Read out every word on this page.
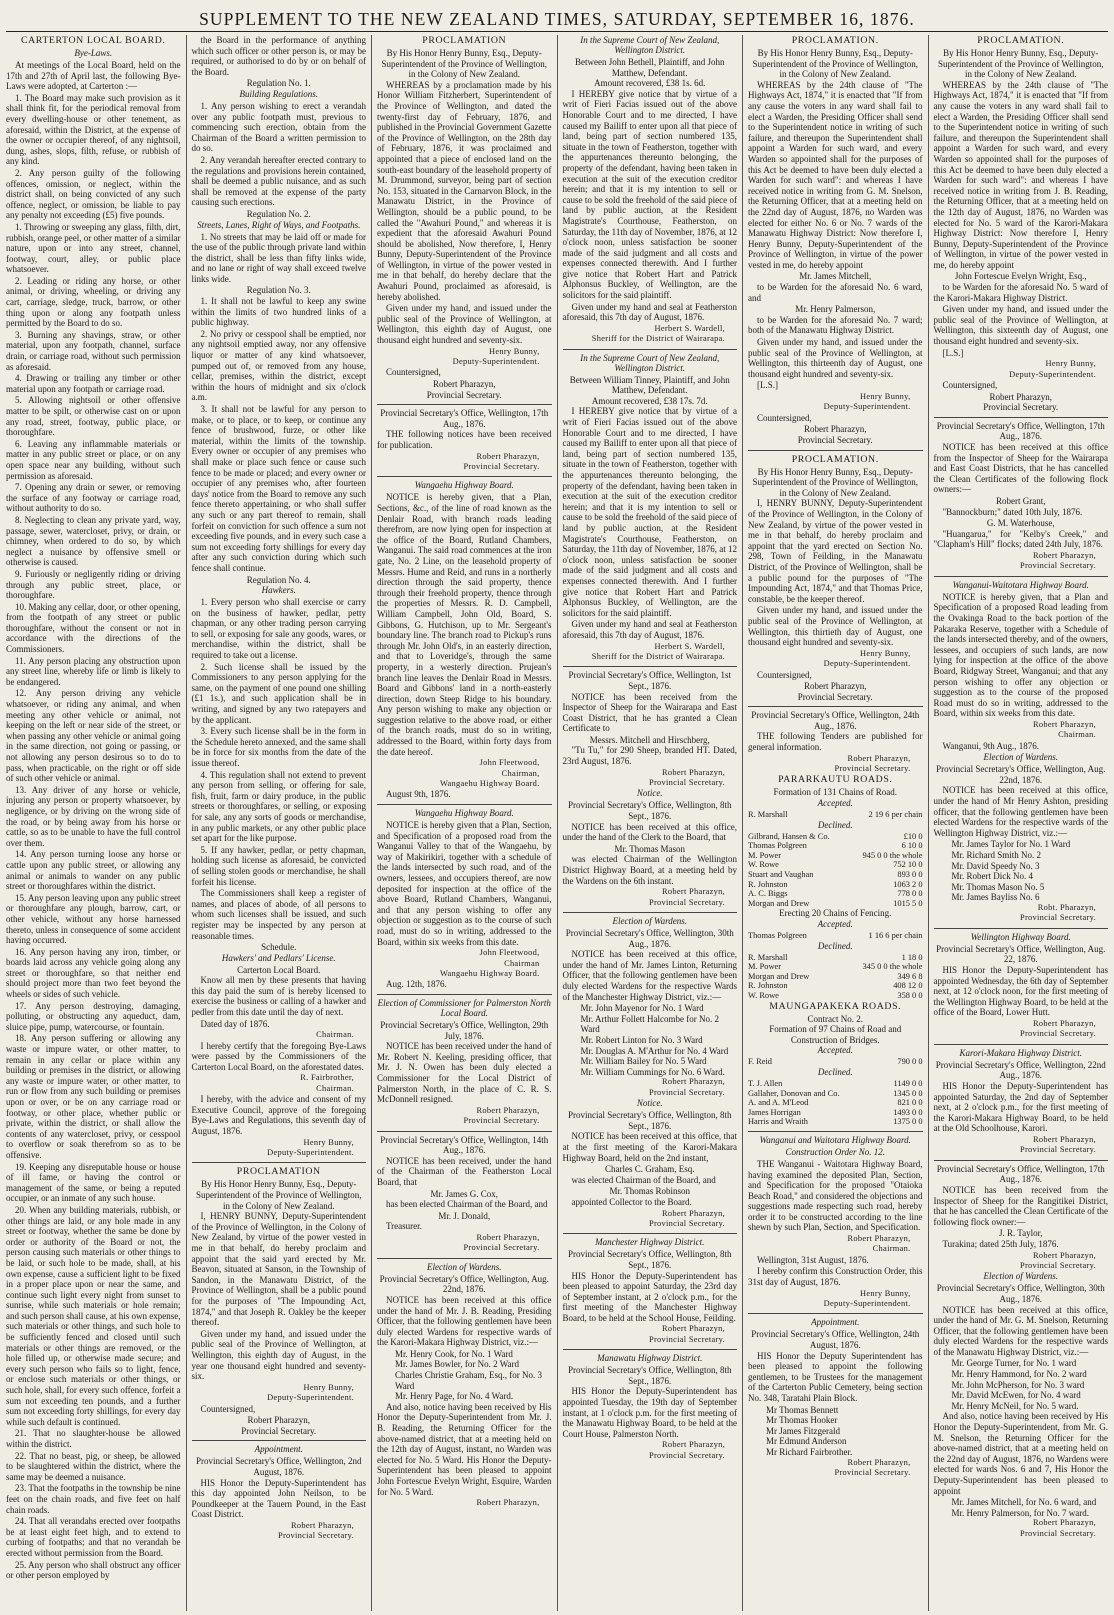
SUPPLEMENT TO THE NEW ZEALAND TIMES, SATURDAY, SEPTEMBER 16, 1876.
CARTERTON LOCAL BOARD.
Bye-Laws.

At meetings of the Local Board, held on the 17th and 27th of April last, the following Bye-Laws were adopted, at Carterton :—

1. The Board may make such provision as it shall think fit, for the periodical removal from every dwelling-house or other tenement, as aforesaid, within the District, at the expense of the owner or occupier thereof, of any nightsoil, dung, ashes, slops, filth, refuse, or rubbish of any kind.
2. Any person guilty of the following offences, omission, or neglect, within the district shall, on being convicted of any such offence, neglect, or omission, be liable to pay any penalty not exceeding (£5) five pounds.
1. Throwing or sweeping any glass, filth, dirt, rubbish, orange peel, or other matter of a similar nature, upon or into any street, channel, footway, court, alley, or public place whatsoever.
2. Leading or riding any horse, or other animal, or driving, wheeling, or driving any cart, carriage, sledge, truck, barrow, or other thing upon or along any footpath unless permitted by the Board to do so.
3. Burning any shavings, straw, or other material, upon any footpath, channel, surface drain, or carriage road, without such permission as aforesaid.
4. Drawing or trailing any timber or other material upon any footpath or carriage road.
5. Allowing nightsoil or other offensive matter to be spilt, or otherwise cast on or upon any road, street, footway, public place, or thoroughfare.
6. Leaving any inflammable materials or matter in any public street or place, or on any open space near any building, without such permission as aforesaid.
7. Opening any drain or sewer, or removing the surface of any footway or carriage road, without authority to do so.
8. Neglecting to clean any private yard, way, passage, sewer, watercloset, privy, or drain, or chimney, when ordered to do so, by which neglect a nuisance by offensive smell or otherwise is caused.
9. Furiously or negligently riding or driving through any public street, place, or thoroughfare.
10. Making any cellar, door, or other opening, from the footpath of any street or public thoroughfare, without the consent or not in accordance with the directions of the Commissioners.
11. Any person placing any obstruction upon any street line, whereby life or limb is likely to be endangered.
12. Any person driving any vehicle whatsoever, or riding any animal, and when meeting any other vehicle or animal, not keeping on the left or near side of the street, or when passing any other vehicle or animal going in the same direction, not going or passing, or not allowing any person desirous so to do to pass, when practicable, on the right or off side of such other vehicle or animal.
13. Any driver of any horse or vehicle, injuring any person or property whatsoever, by negligence, or by driving on the wrong side of the road, or by being away from his horse or cattle, so as to be unable to have the full control over them.
14. Any person turning loose any horse or cattle upon any public street, or allowing any animal or animals to wander on any public street or thoroughfares within the district.
15. Any person leaving upon any public street or thoroughfare any plough, barrow, cart, or other vehicle, without any horse harnessed thereto, unless in consequence of some accident having occurred.
16. Any person having any iron, timber, or boards laid across any vehicle going along any street or thoroughfare, so that neither end should project more than two feet beyond the wheels or sides of such vehicle.
17. Any person destroying, damaging, polluting, or obstructing any aqueduct, dam, sluice pipe, pump, watercourse, or fountain.
18. Any person suffering or allowing any waste or impure water, or other matter, to remain in any cellar or place within any building or premises in the district, or allowing any waste or impure water, or other matter, to run or flow from any such building or premises upon or over, or be on any carriage road or footway, or other place, whether public or private, within the district, or shall allow the contents of any watercloset, privy, or cesspool to overflow or soak therefrom so as to be offensive.
19. Keeping any disreputable house or house of ill fame, or having the control or management of the same, or being a reputed occupier, or an inmate of any such house.
20. When any building materials, rubbish, or other things are laid, or any hole made in any street or footway, whether the same be done by order or authority of the Board or not, the person causing such materials or other things to be laid, or such hole to be made, shall, at his own expense, cause a sufficient light to be fixed in a proper place upon or near the same, and continue such light every night from sunset to sunrise, while such materials or hole remain; and such person shall cause, at his own expense, such materials or other things, and such hole to be sufficiently fenced and closed until such materials or other things are removed, or the hole filled up, or otherwise made secure; and every such person who fails so to light, fence, or enclose such materials or other things, or such hole, shall, for every such offence, forfeit a sum not exceeding ten pounds, and a further sum not exceeding forty shillings, for every day while such default is continued.
21. That no slaughter-house be allowed within the district.
22. That no beast, pig, or sheep, be allowed to be slaughtered within the district, where the same may be deemed a nuisance.
23. That the footpaths in the township be nine feet on the chain roads, and five feet on half chain roads.
24. That all verandahs erected over footpaths be at least eight feet high, and to extend to curbing of footpaths; and that no verandah be erected without permission from the Board.
25. Any person who shall obstruct any officer or other person employed by

the Board in the performance of anything which such officer or other person is, or may be required, or authorised to do by or on behalf of the Board.

Regulation No. 1.
Building Regulations.
1. Any person wishing to erect a verandah over any public footpath must, previous to commencing such erection, obtain from the Chairman of the Board a written permission to do so.
2. Any verandah hereafter erected contrary to the regulations and provisions herein contained, shall be deemed a public nuisance, and as such shall be removed at the expense of the party causing such erections.
Regulation No. 2.
Streets, Lanes, Right of Ways, and Footpaths.
1. No streets that may be laid off or made for the use of the public through private land within the district, shall be less than fifty links wide, and no lane or right of way shall exceed twelve links wide.
Regulation No. 3.
1. It shall not be lawful to keep any swine within the limits of two hundred links of a public highway.
2. No privy or cesspool shall be emptied, nor any nightsoil emptied away, nor any offensive liquor or matter of any kind whatsoever, pumped out of, or removed from any house, cellar, premises, within the district, except within the hours of midnight and six o'clock a.m.
3. It shall not be lawful for any person to make, or to place, or to keep, or continue any fence of brushwood, furze, or other like material, within the limits of the township. Every owner or occupier of any premises who shall make or place such fence or cause such fence to be made or placed; and every owner or occupier of any premises who, after fourteen days' notice from the Board to remove any such fence thereto appertaining, or who shall suffer any such or any part thereof to remain, shall forfeit on conviction for such offence a sum not exceeding five pounds, and in every such case a sum not exceeding forty shillings for every day after any such conviction during which such fence shall continue.
Regulation No. 4.
Hawkers.
1. Every person who shall exercise or carry on the business of hawker, pedlar, petty chapman, or any other trading person carrying to sell, or exposing for sale any goods, wares, or merchandise, within the district, shall be required to take out a license.
2. Such license shall be issued by the Commissioners to any person applying for the same, on the payment of one pound one shilling (£1 1s.), and such application shall be in writing, and signed by any two ratepayers and by the applicant.
3. Every such license shall be in the form in the Schedule hereto annexed, and the same shall be in force for six months from the date of the issue thereof.
4. This regulation shall not extend to prevent any person from selling, or offering for sale, fish, fruit, farm or dairy produce, in the public streets or thoroughfares, or selling, or exposing for sale, any any sorts of goods or merchandise, in any public markets, or any other public place set apart for the like purpose.
5. If any hawker, pedlar, or petty chapman, holding such license as aforesaid, be convicted of selling stolen goods or merchandise, he shall forfeit his license.
The Commissioners shall keep a register of names, and places of abode, of all persons to whom such licenses shall be issued, and such register may be inspected by any person at reasonable times.
Schedule.
Hawkers' and Pedlars' License.
Carterton Local Board.

Know all men by these presents that having this day paid the sum of is hereby licensed to exercise the business or calling of a hawker and pedler from this date until the day of next.

Dated day of 1876.

Chairman.

I hereby certify that the foregoing Bye-Laws were passed by the Commissioners of the Carterton Local Board, on the aforestated dates.

R. Fairbrother,
Chairman.

I hereby, with the advice and consent of my Executive Council, approve of the foregoing Bye-Laws and Regulations, this seventh day of August, 1876.

Henry Bunny,
Deputy-Superintendent.
PROCLAMATION

By His Honor Henry Bunny, Esq., Deputy-Superintendent of the Province of Wellington, in the Colony of New Zealand.

I, HENRY BUNNY, Deputy-Superintendent of the Province of Wellington, in the Colony of New Zealand, by virtue of the power vested in me in that behalf, do hereby proclaim and appoint that the said yard erected by Mr. Beavon, situated at Sanson, in the Township of Sandon, in the Manawatu District, of the Province of Wellington, shall be a public pound for the purposes of "The Impounding Act, 1874," and that Joseph R. Oakley be the keeper thereof.

Given under my hand, and issued under the public seal of the Province of Wellington, at Wellington, this eighth day of August, in the year one thousand eight hundred and seventy-six.

Henry Bunny,
Deputy-Superintendent.
Countersigned,
Robert Pharazyn,
Provincial Secretary.
Appointment.

Provincial Secretary's Office, Wellington, 2nd August, 1876.

HIS Honor the Deputy-Superintendent has this day appointed John Neilson, to be Poundkeeper at the Tauern Pound, in the East Coast District.

Robert Pharazyn,
Provincial Secretary.
PROCLAMATION

By His Honor Henry Bunny, Esq., Deputy-Superintendent of the Province of Wellington, in the Colony of New Zealand.

WHEREAS by a proclamation made by his Honor William Fitzherbert, Superintendent of the Province of Wellington, and dated the twenty-first day of February, 1876, and published in the Provincial Government Gazette of the Province of Wellington, on the 28th day of February, 1876, it was proclaimed and appointed that a piece of enclosed land on the south-east boundary of the leasehold property of M. Drummond, surveyor, being part of section No. 153, situated in the Carnarvon Block, in the Manawatu District, in the Province of Wellington, should be a public pound, to be called the "Awahuri Pound," and whereas it is expedient that the aforesaid Awahuri Pound should be abolished, Now therefore, I, Henry Bunny, Deputy-Superintendent of the Province of Wellington, in virtue of the power vested in me in that behalf, do hereby declare that the Awahuri Pound, proclaimed as aforesaid, is hereby abolished.

Given under my hand, and issued under the public seal of the Province of Wellington, at Wellington, this eighth day of August, one thousand eight hundred and seventy-six.

Henry Bunny,
Deputy-Superintendent.
Countersigned,
Robert Pharazyn,
Provincial Secretary.

Provincial Secretary's Office, Wellington, 17th Aug., 1876.

THE following notices have been received for publication.

Robert Pharazyn,
Provincial Secretary.
Wangaehu Highway Board.

NOTICE is hereby given, that a Plan, Sections, &c., of the line of road known as the Denlair Road, with branch roads leading therefrom, are now lying open for inspection at the office of the Board, Rutland Chambers, Wanganui. The said road commences at the iron gate, No. 2 Line, on the leasehold property of Messrs. Hume and Reid, and runs in a northerly direction through the said property, thence through their freehold property, thence through the properties of Messrs. R. D. Campbell, William Campbell, John Old, Board, S. Gibbons, G. Hutchison, up to Mr. Sergeant's boundary line. The branch road to Pickup's runs through Mr. John Old's, in an easterly direction, and that to Loveridge's, through the same property, in a westerly direction. Prujean's branch line leaves the Denlair Road in Messrs. Board and Gibbons' land in a north-easterly direction, down Steep Ridge to his boundary. Any person wishing to make any objection or suggestion relative to the above road, or either of the branch roads, must do so in writing, addressed to the Board, within forty days from the date hereof.

John Fleetwood,
Chairman,
Wangaehu Highway Board.
August 9th, 1876.
Wangaehu Highway Board.

NOTICE is hereby given that a Plan, Section, and Specification of a proposed road from the Wanganui Valley to that of the Wangaehu, by way of Makirikiri, together with a schedule of the lands intersected by such road, and of the owners, lessees, and occupiers thereof, are now deposited for inspection at the office of the above Board, Rutland Chambers, Wanganui, and that any person wishing to offer any objection or suggestion as to the course of such road, must do so in writing, addressed to the Board, within six weeks from this date.

John Fleetwood,
Chairman
Wangaehu Highway Board.
Aug. 12th, 1876.
Election of Commissioner for Palmerston North Local Board.

Provincial Secretary's Office, Wellington, 29th July, 1876.

NOTICE has been received under the hand of Mr. Robert N. Keeling, presiding officer, that Mr. J. N. Owen has been duly elected a Commissioner for the Local District of Palmerston North, in the place of C. R. S. McDonnell resigned.

Robert Pharazyn,
Provincial Secretary.

Provincial Secretary's Office, Wellington, 14th Aug., 1876.

NOTICE has been received, under the hand of the Chairman of the Featherston Local Board, that

Mr. James G. Cox,
has been elected Chairman of the Board, and
Mr. J. Donald,
Treasurer.
Robert Pharazyn,
Provincial Secretary.
Election of Wardens.

Provincial Secretary's Office, Wellington, Aug. 22nd, 1876.

NOTICE has been received at this office under the hand of Mr. J. B. Reading, Presiding Officer, that the following gentlemen have been duly elected Wardens for respective wards of the Karori-Makara Highway District, viz.:—

Mr. Henry Cook, for No. 1 Ward
Mr. James Bowler, for No. 2 Ward
Charles Christie Graham, Esq., for No. 3 Ward
Mr. Henry Page, for No. 4 Ward.

And also, notice having been received by His Honor the Deputy-Superintendent from Mr. J. B. Reading, the Returning Officer for the above-named district, that at a meeting held on the 12th day of August, instant, no Warden was elected for No. 5 Ward. His Honor the Deputy-Superintendent has been pleased to appoint John Fortescue Evelyn Wright, Esquire, Warden for No. 5 Ward.

Robert Pharazyn,
In the Supreme Court of New Zealand, Wellington District.

Between John Bethell, Plaintiff, and John Matthew, Defendant.

Amount recovered, £38 1s. 6d.

I HEREBY give notice that by virtue of a writ of Fieri Facias issued out of the above Honorable Court and to me directed, I have caused my Bailiff to enter upon all that piece of land, being part of section numbered 135, situate in the town of Featherston, together with the appurtenances thereunto belonging, the property of the defendant, having been taken in execution at the suit of the execution creditor herein; and that it is my intention to sell or cause to be sold the freehold of the said piece of land by public auction, at the Resident Magistrate's Courthouse, Featherston, on Saturday, the 11th day of November, 1876, at 12 o'clock noon, unless satisfaction be sooner made of the said judgment and all costs and expenses connected therewith. And I further give notice that Robert Hart and Patrick Alphonsus Buckley, of Wellington, are the solicitors for the said plaintiff.

Given under my hand and seal at Featherston aforesaid, this 7th day of August, 1876.

Herbert S. Wardell,
Sheriff for the District of Wairarapa.
In the Supreme Court of New Zealand, Wellington District.

Between William Tinney, Plaintiff, and John Matthew, Defendant.

Amount recovered, £38 17s. 7d.

I HEREBY give notice that by virtue of a writ of Fieri Facias issued out of the above Honorable Court and to me directed, I have caused my Bailiff to enter upon all that piece of land, being part of section numbered 135, situate in the town of Featherston, together with the appurtenances thereunto belonging, the property of the defendant, having been taken in execution at the suit of the execution creditor herein; and that it is my intention to sell or cause to be sold the freehold of the said piece of land by public auction, at the Resident Magistrate's Courthouse, Featherston, on Saturday, the 11th day of November, 1876, at 12 o'clock noon, unless satisfaction be sooner made of the said judgment and all costs and expenses connected therewith. And I further give notice that Robert Hart and Patrick Alphonsus Buckley, of Wellington, are the solicitors for the said plaintiff.

Given under my hand and seal at Featherston aforesaid, this 7th day of August, 1876.

Herbert S. Wardell,
Sheriff for the District of Wairarapa.

Provincial Secretary's Office, Wellington, 1st Sept., 1876.

NOTICE has been received from the Inspector of Sheep for the Wairarapa and East Coast District, that he has granted a Clean Certificate to

Messrs. Mitchell and Hirschberg,

"Tu Tu," for 290 Sheep, branded HT. Dated, 23rd August, 1876.

Robert Pharazyn,
Provincial Secretary.
Notice.

Provincial Secretary's Office, Wellington, 8th Sept., 1876.

NOTICE has been received at this office, under the hand of the Clerk to the Board, that

Mr. Thomas Mason

was elected Chairman of the Wellington District Highway Board, at a meeting held by the Wardens on the 6th instant.

Robert Pharazyn,
Provincial Secretary.
Election of Wardens.

Provincial Secretary's Office, Wellington, 30th Aug., 1876.

NOTICE has been received at this office, under the hand of Mr. James Linton, Returning Officer, that the following gentlemen have been duly elected Wardens for the respective Wards of the Manchester Highway District, viz.:—

Mr. John Mayenor for No. 1 Ward
Mr. Arthur Follett Halcombe for No. 2 Ward
Mr. Robert Linton for No. 3 Ward
Mr. Douglas A. M'Arthur for No. 4 Ward
Mr. William Bailey for No. 5 Ward
Mr. William Cummings for No. 6 Ward.
Robert Pharazyn,
Provincial Secretary.
Notice.

Provincial Secretary's Office, Wellington, 8th Sept., 1876.

NOTICE has been received at this office, that at the first meeting of the Karori-Makara Highway Board, held on the 2nd instant,

Charles C. Graham, Esq.
was elected Chairman of the Board, and
Mr. Thomas Robinson
appointed Collector to the Board.
Robert Pharazyn,
Provincial Secretary.
Manchester Highway District.

Provincial Secretary's Office, Wellington, 8th Sept., 1876.

HIS Honor the Deputy-Superintendent has been pleased to appoint Saturday, the 23rd day of September instant, at 2 o'clock p.m., for the first meeting of the Manchester Highway Board, to be held at the School House, Feilding.

Robert Pharazyn,
Provincial Secretary.
Manawatu Highway District.

Provincial Secretary's Office, Wellington, 8th Sept., 1876.

HIS Honor the Deputy-Superintendent has appointed Tuesday, the 19th day of September instant, at 1 o'clock p.m. for the first meeting of the Manawatu Highway Board, to be held at the Court House, Palmerston North.

Robert Pharazyn,
Provincial Secretary.
PROCLAMATION.

By His Honor Henry Bunny, Esq., Deputy-Superintendent of the Province of Wellington, in the Colony of New Zealand.

WHEREAS by the 24th clause of "The Highways Act, 1874," it is enacted that "If from any cause the voters in any ward shall fail to elect a Warden, the Presiding Officer shall send to the Superintendent notice in writing of such failure, and thereupon the Superintendent shall appoint a Warden for such ward, and every Warden so appointed shall for the purposes of this Act be deemed to have been duly elected a Warden for such ward": and whereas I have received notice in writing from G. M. Snelson, the Returning Officer, that at a meeting held on the 22nd day of August, 1876, no Warden was elected for either No. 6 or No. 7 wards of the Manawatu Highway District: Now therefore I, Henry Bunny, Deputy-Superintendent of the Province of Wellington, in virtue of the power vested in me, do hereby appoint

Mr. James Mitchell,
to be Warden for the aforesaid No. 6 ward, and
Mr. Henry Palmerson,

to be Warden for the aforesaid No. 7 ward; both of the Manawatu Highway District.

Given under my hand, and issued under the public seal of the Province of Wellington, at Wellington, this thirteenth day of August, one thousand eight hundred and seventy-six.

[L.S.]
Henry Bunny,
Deputy-Superintendent.
Countersigned,
Robert Pharazyn,
Provincial Secretary.
PROCLAMATION.

By His Honor Henry Bunny, Esq., Deputy-Superintendent of the Province of Wellington, in the Colony of New Zealand.

I, HENRY BUNNY, Deputy-Superintendent of the Province of Wellington, in the Colony of New Zealand, by virtue of the power vested in me in that behalf, do hereby proclaim and appoint that the yard erected on Section No. 298, Town of Feilding, in the Manawatu District, of the Province of Wellington, shall be a public pound for the purposes of "The Impounding Act, 1874," and that Thomas Price, constable, be the keeper thereof.

Given under my hand, and issued under the public seal of the Province of Wellington, at Wellington, this thirtieth day of August, one thousand eight hundred and seventy-six.

Henry Bunny,
Deputy-Superintendent.
Countersigned,
Robert Pharazyn,
Provincial Secretary.

Provincial Secretary's Office, Wellington, 24th Aug., 1876.

THE following Tenders are published for general information.

Robert Pharazyn,
Provincial Secretary.
PARARKAUTU ROADS.
Formation of 131 Chains of Road.
Accepted.
R. Marshall	2 19 6 per chain
Declined.
Gilbrand, Hansen & Co.	£10 0
Thomas Polgreen	6 10 0
M. Power	945 0 0 the whole
W. Rowe	752 10 0
Stuart and Vaughan	893 0 0
R. Johnston	1063 2 0
A. C. Biggs	778 0 0
Morgan and Drew	1015 5 0
Erecting 20 Chains of Fencing.
Accepted.
Thomas Polgreen	1 16 6 per chain
Declined.
R. Marshall	1 18 0
M. Power	345 0 0 the whole
Morgan and Drew	349 6 8
R. Johnston	408 12 0
W. Rowe	358 0 0
MAUNGAPAKEKA ROADS.
Contract No. 2.
Formation of 97 Chains of Road and Construction of Bridges.
Accepted.
F. Reid	790 0 0
Declined.
T. J. Allen	1149 0 0
Gallaher, Donovan and Co.	1345 0 0
A. and A. M'Leod	821 0 0
James Horrigan	1493 0 0
Harris and Wraith	1375 0 0
Wanganui and Waitotara Highway Board.
Construction Order No. 12.

THE Wanganui - Waitotara Highway Board, having examined the deposited Plan, Section, and Specification for the proposed "Otaioka Beach Road," and considered the objections and suggestions made respecting such road, hereby order it to be constructed according to the line shewn by such Plan, Section, and Specification.

Robert Pharazyn,
Chairman.
Wellington, 31st August, 1876.

I hereby confirm this Construction Order, this 31st day of August, 1876.

Henry Bunny,
Deputy-Superintendent.
Appointment.

Provincial Secretary's Office, Wellington, 24th August, 1876.

HIS Honor the Deputy Superintendent has been pleased to appoint the following gentlemen, to be Trustees for the management of the Carterton Public Cemetery, being section No. 348, Taratahi Plain Block.

Mr Thomas Bennett
Mr Thomas Hooker
Mr James Fitzgerald
Mr Edmund Anderson
Mr Richard Fairbrother.
Robert Pharazyn,
Provincial Secretary.
PROCLAMATION.

By His Honor Henry Bunny, Esq., Deputy-Superintendent of the Province of Wellington, in the Colony of New Zealand.

WHEREAS by the 24th clause of "The Highways Act, 1874," it is enacted that "If from any cause the voters in any ward shall fail to elect a Warden, the Presiding Officer shall send to the Superintendent notice in writing of such failure, and thereupon the Superintendent shall appoint a Warden for such ward, and every Warden so appointed shall for the purposes of this Act be deemed to have been duly elected a Warden for such ward": and whereas I have received notice in writing from J. B. Reading, the Returning Officer, that at a meeting held on the 12th day of August, 1876, no Warden was elected for No. 5 ward of the Karori-Makara Highway District: Now therefore I, Henry Bunny, Deputy-Superintendent of the Province of Wellington, in virtue of the power vested in me, do hereby appoint

John Fortescue Evelyn Wright, Esq.,

to be Warden for the aforesaid No. 5 ward of the Karori-Makara Highway District.

Given under my hand, and issued under the public seal of the Province of Wellington, at Wellington, this sixteenth day of August, one thousand eight hundred and seventy-six.

[L.S.]
Henry Bunny,
Deputy-Superintendent.
Countersigned,
Robert Pharazyn,
Provincial Secretary.

Provincial Secretary's Office, Wellington, 17th Aug., 1876.

NOTICE has been received at this office from the Inspector of Sheep for the Wairarapa and East Coast Districts, that he has cancelled the Clean Certificates of the following flock owners:—

Robert Grant,
"Bannockburn;" dated 10th July, 1876.
G. M. Waterhouse,
"Huangarua," for "Kelby's Creek," and "Clapham's Hill" flocks; dated 24th July, 1876.
Robert Pharazyn,
Provincial Secretary.
Wanganui-Waitotara Highway Board.

NOTICE is hereby given, that a Plan and Specification of a proposed Road leading from the Ovakinga Road to the back portion of the Pakaraka Reserve, together with a Schedule of the lands intersected thereby, and of the owners, lessees, and occupiers of such lands, are now lying for inspection at the office of the above Board, Ridgway Street, Wanganui; and that any person wishing to offer any objection or suggestion as to the course of the proposed Road must do so in writing, addressed to the Board, within six weeks from this date.

Robert Pharazyn,
Chairman.
Wanganui, 9th Aug., 1876.
Election of Wardens.

Provincial Secretary's Office, Wellington, Aug. 22nd, 1876.

NOTICE has been received at this office, under the hand of Mr Henry Ashton, presiding officer, that the following gentlemen have been elected Wardens for the respective wards of the Wellington Highway District, viz.:—

Mr. James Taylor for No. 1 Ward
Mr. Richard Smith No. 2
Mr. David Speedy No. 3
Mr. Robert Dick No. 4
Mr. Thomas Mason No. 5
Mr. James Bayliss No. 6
Robt. Pharazyn,
Provincial Secretary.
Wellington Highway Board.

Provincial Secretary's Office, Wellington, Aug. 22, 1876.

HIS Honor the Deputy-Superintendent has appointed Wednesday, the 6th day of September next, at 12 o'clock noon, for the first meeting of the Wellington Highway Board, to be held at the office of the Board, Lower Hutt.

Robert Pharazyn,
Provincial Secretary.
Karori-Makara Highway District.

Provincial Secretary's Office, Wellington, 22nd Aug., 1876.

HIS Honor the Deputy-Superintendent has appointed Saturday, the 2nd day of September next, at 2 o'clock p.m., for the first meeting of the Karori-Makara Highway Board, to be held at the Old Schoolhouse, Karori.

Robert Pharazyn,
Provincial Secretary.

Provincial Secretary's Office, Wellington, 17th Aug., 1876.

NOTICE has been received from the Inspector of Sheep for the Rangitikei District, that he has cancelled the Clean Certificate of the following flock owner:—

J. R. Taylor,
Turakina; dated 25th July, 1876.
Robert Pharazyn,
Provincial Secretary.
Election of Wardens.

Provincial Secretary's Office, Wellington, 30th Aug., 1876.

NOTICE has been received at this office, under the hand of Mr. G. M. Snelson, Returning Officer, that the following gentlemen have been duly elected Wardens for the respective wards of the Manawatu Highway District, viz.:—

Mr. George Turner, for No. 1 ward
Mr. Henry Hammond, for No. 2 ward
Mr. John McPherson, for No. 3 ward
Mr. David McEwen, for No. 4 ward
Mr. Henry McNeil, for No. 5 ward.

And also, notice having been received by His Honor the Deputy-Superintendent, from Mr. G. M. Snelson, the Returning Officer for the above-named district, that at a meeting held on the 22nd day of August, 1876, no Wardens were elected for wards Nos. 6 and 7, His Honor the Deputy-Superintendent has been pleased to appoint

Mr. James Mitchell, for No. 6 ward, and
Mr. Henry Palmerson, for No. 7 ward.
Robert Pharazyn,
Provincial Secretary.
